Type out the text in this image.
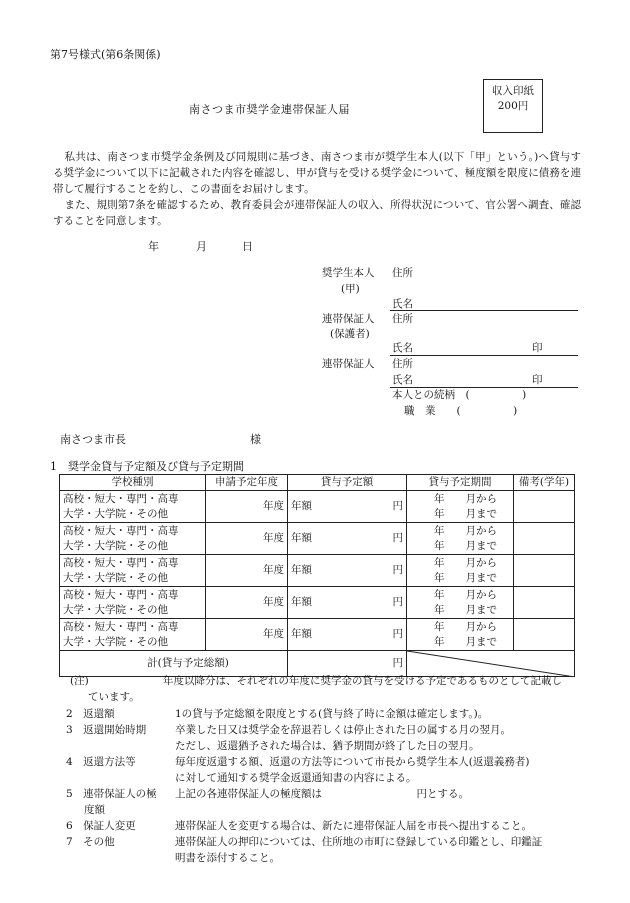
第7号様式(第6条関係)
収入印紙
200円
南さつま市奨学金連帯保証人届
私共は、南さつま市奨学金条例及び同規則に基づき、南さつま市が奨学生本人(以下「甲」という。)へ貸与する奨学金について以下に記載された内容を確認し、甲が貸与を受ける奨学金について、極度額を限度に債務を連帯して履行することを約し、この書面をお届けします。
また、規則第7条を確認するため、教育委員会が連帯保証人の収入、所得状況について、官公署へ調査、確認することを同意します。
年	月	日
奨学生本人
(甲)
住所
氏名
連帯保証人
(保護者)
住所
氏名	印
連帯保証人 住所
氏名	印
本人との続柄　(　　　　　)
職　業　　(　　　　　)
南さつま市長	様
1　奨学金貸与予定額及び貸与予定期間
学校種別	申請予定年度	貸与予定額	貸与予定期間	備考(学年)

高校・短大・専門・高専
大学・大学院・その他	年度	年額 円	年　　月から
年　　月まで	

高校・短大・専門・高専
大学・大学院・その他	年度	年額 円	年　　月から
年　　月まで	

高校・短大・専門・高専
大学・大学院・その他	年度	年額 円	年　　月から
年　　月まで	

高校・短大・専門・高専
大学・大学院・その他	年度	年額 円	年　　月から
年　　月まで	

高校・短大・専門・高専
大学・大学院・その他	年度	年額 円	年　　月から
年　　月まで	

計(貸与予定総額)		円

(注)	年度以降分は、それぞれの年度に奨学金の貸与を受ける予定であるものとして記載し
ています。
2　返還額	1の貸与予定総額を限度とする(貸与終了時に金額は確定します。)。
3　返還開始時期	卒業した日又は奨学金を辞退若しくは停止された日の属する月の翌月。
ただし、返還猶予された場合は、猶予期間が終了した日の翌月。
4　返還方法等	毎年度返還する額、返還の方法等について市長から奨学生本人(返還義務者)
に対して通知する奨学金返還通知書の内容による。
5　連帯保証人の極
度額
上記の各連帯保証人の極度額は　　　　　　　　　円とする。
6　保証人変更	連帯保証人を変更する場合は、新たに連帯保証人届を市長へ提出すること。
7　その他	連帯保証人の押印については、住所地の市町に登録している印鑑とし、印鑑証
明書を添付すること。
